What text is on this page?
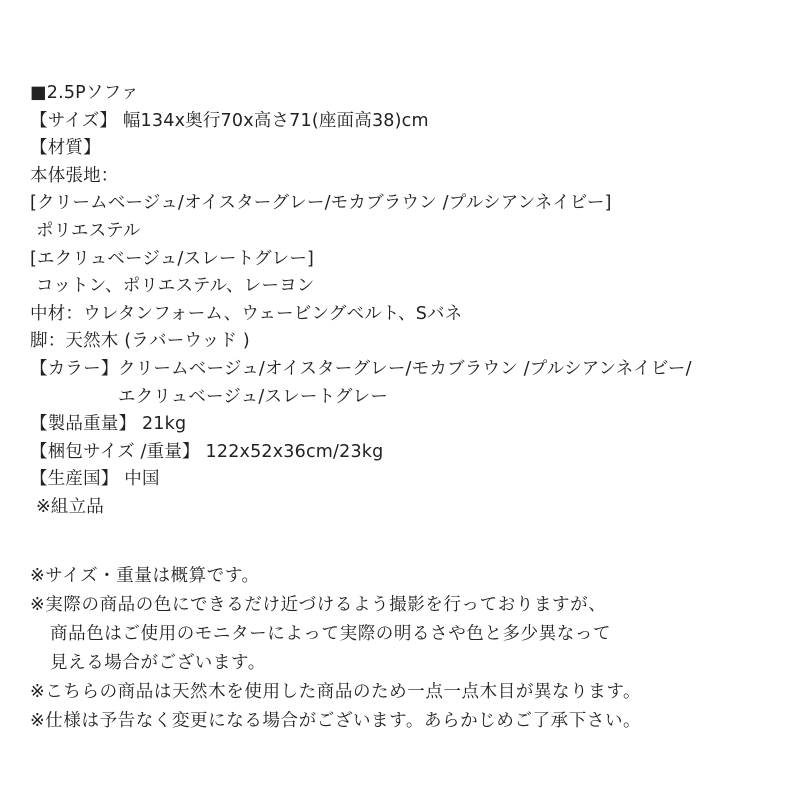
■2.5Pソファ
【サイズ】 幅134x奥行70x高さ71(座面高38)cm
【材質】
本体張地：
[クリームベージュ/オイスターグレー/モカブラウン /プルシアンネイビー]
ポリエステル
[エクリュベージュ/スレートグレー]
コットン、ポリエステル、レーヨン
中材：ウレタンフォーム、ウェービングベルト、Sバネ
脚：天然木 (ラバーウッド )
【カラー】 クリームベージュ/オイスターグレー/モカブラウン /プルシアンネイビー/
エクリュベージュ/スレートグレー
【製品重量】 21kg
【梱包サイズ /重量】 122x52x36cm/23kg
【生産国】 中国
※組立品
※サイズ・重量は概算です。
※実際の商品の色にできるだけ近づけるよう撮影を行っておりますが、
商品色はご使用のモニターによって実際の明るさや色と多少異なって
見える場合がございます。
※こちらの商品は天然木を使用した商品のため一点一点木目が異なります。
※仕様は予告なく変更になる場合がございます。あらかじめご了承下さい。
